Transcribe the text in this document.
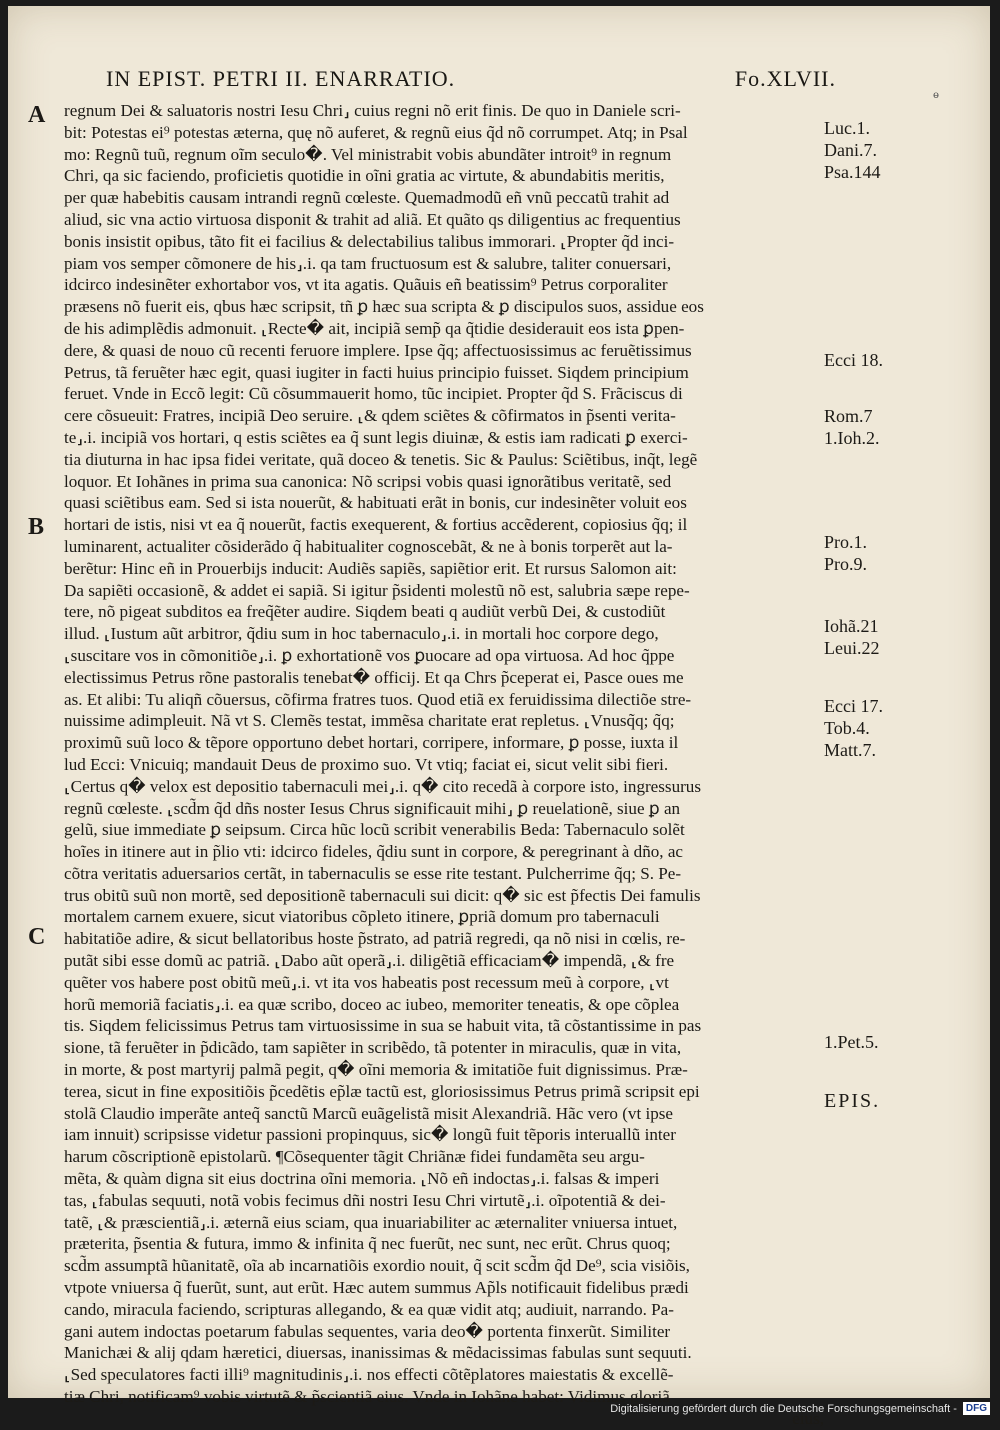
IN EPIST. PETRI II. ENARRATIO.	Fo.XLVII.
ɵ
regnum Dei & saluatoris nostri Iesu Chri⸥ cuius regni nõ erit finis. De quo in Daniele scri-
bit: Potestas ei⁹ potestas æterna, quę nõ auferet, & regnũ eius q̃d nõ corrumpet. Atq; in Psal
mo: Regnũ tuũ, regnum oĩm seculo�. Vel ministrabit vobis abundãter introit⁹ in regnum
Chri, qa sic faciendo, proficietis quotidie in oĩni gratia ac virtute, & abundabitis meritis,
per quæ habebitis causam intrandi regnũ cœleste. Quemadmodũ eñ vnũ peccatũ trahit ad
aliud, sic vna actio virtuosa disponit & trahit ad aliã. Et quãto qs diligentius ac frequentius
bonis insistit opibus, tãto fit ei facilius & delectabilius talibus immorari. ⸤Propter q̃d inci-
piam vos semper cõmonere de his⸥.i. qa tam fructuosum est & salubre, taliter conuersari,
idcirco indesinẽter exhortabor vos, vt ita agatis. Quãuis eñ beatissim⁹ Petrus corporaliter
præsens nõ fuerit eis, qbus hæc scripsit, tñ ꝑ hæc sua scripta & ꝑ discipulos suos, assidue eos
de his adimplẽdis admonuit. ⸤Recte� ait, incipiã semp̃ qa q̃tidie desiderauit eos ista ꝑpen-
dere, & quasi de nouo cũ recenti feruore implere. Ipse q̃q; affectuosissimus ac feruẽtissimus
Petrus, tã feruẽter hæc egit, quasi iugiter in facti huius principio fuisset. Siqdem principium
feruet. Vnde in Eccõ legit: Cũ cõsummauerit homo, tũc incipiet. Propter q̃d S. Frãciscus di
cere cõsueuit: Fratres, incipiã Deo seruire. ⸤& qdem sciẽtes & cõfirmatos in p̃senti verita-
te⸥.i. incipiã vos hortari, q estis sciẽtes ea q̃ sunt legis diuinæ, & estis iam radicati ꝑ exerci-
tia diuturna in hac ipsa fidei veritate, quã doceo & tenetis. Sic & Paulus: Sciẽtibus, inq̃t, legẽ
loquor. Et Iohãnes in prima sua canonica: Nõ scripsi vobis quasi ignorãtibus veritatẽ, sed
quasi sciẽtibus eam. Sed si ista nouerũt, & habituati erãt in bonis, cur indesinẽter voluit eos
hortari de istis, nisi vt ea q̃ nouerũt, factis exequerent, & fortius accẽderent, copiosius q̃q; il
luminarent, actualiter cõsiderãdo q̃ habitualiter cognoscebãt, & ne à bonis torperẽt aut la-
berẽtur: Hinc eñ in Prouerbijs inducit: Audiẽs sapiẽs, sapiẽtior erit. Et rursus Salomon ait:
Da sapiẽti occasionẽ, & addet ei sapiã. Si igitur p̃sidenti molestũ nõ est, salubria sæpe repe-
tere, nõ pigeat subditos ea freq̃ẽter audire. Siqdem beati q audiũt verbũ Dei, & custodiũt
illud. ⸤Iustum aũt arbitror, q̃diu sum in hoc tabernaculo⸥.i. in mortali hoc corpore dego,
⸤suscitare vos in cõmonitiõe⸥.i. ꝑ exhortationẽ vos ꝑuocare ad opa virtuosa. Ad hoc q̃ppe
electissimus Petrus rõne pastoralis tenebat� officij. Et qa Chrs p̃ceperat ei, Pasce oues me
as. Et alibi: Tu aliqñ cõuersus, cõfirma fratres tuos. Quod etiã ex feruidissima dilectiõe stre-
nuissime adimpleuit. Nã vt S. Clemẽs testat, immẽsa charitate erat repletus. ⸤Vnusq̃q; q̃q;
proximũ suũ loco & tẽpore opportuno debet hortari, corripere, informare, ꝑ posse, iuxta il
lud Ecci: Vnicuiq; mandauit Deus de proximo suo. Vt vtiq; faciat ei, sicut velit sibi fieri.
⸤Certus q� velox est depositio tabernaculi mei⸥.i. q� cito recedã à corpore isto, ingressurus
regnũ cœleste. ⸤scd̃m q̃d dñs noster Iesus Chrus significauit mihi⸥ ꝑ reuelationẽ, siue ꝑ an
gelũ, siue immediate ꝑ seipsum. Circa hũc locũ scribit venerabilis Beda: Tabernaculo solẽt
hoĩes in itinere aut in p̃lio vti: idcirco fideles, q̃diu sunt in corpore, & peregrinant à dño, ac
cõtra veritatis aduersarios certãt, in tabernaculis se esse rite testant. Pulcherrime q̃q; S. Pe-
trus obitũ suũ non mortẽ, sed depositionẽ tabernaculi sui dicit: q� sic est p̃fectis Dei famulis
mortalem carnem exuere, sicut viatoribus cõpleto itinere, ꝑpriã domum pro tabernaculi
habitatiõe adire, & sicut bellatoribus hoste p̃strato, ad patriã regredi, qa nõ nisi in cœlis, re-
putãt sibi esse domũ ac patriã. ⸤Dabo aũt operã⸥.i. diligẽtiã efficaciam� impendã, ⸤& fre
quẽter vos habere post obitũ meũ⸥.i. vt ita vos habeatis post recessum meũ à corpore, ⸤vt
horũ memoriã faciatis⸥.i. ea quæ scribo, doceo ac iubeo, memoriter teneatis, & ope cõplea
tis. Siqdem felicissimus Petrus tam virtuosissime in sua se habuit vita, tã cõstantissime in pas
sione, tã feruẽter in p̃dicãdo, tam sapiẽter in scribẽdo, tã potenter in miraculis, quæ in vita,
in morte, & post martyrij palmã pegit, q� oĩni memoria & imitatiõe fuit dignissimus. Præ-
terea, sicut in fine expositiõis p̃cedẽtis ep̃læ tactũ est, gloriosissimus Petrus primã scripsit epi
stolã Claudio imperãte anteq̃ sanctũ Marcũ euãgelistã misit Alexandriã. Hãc vero (vt ipse
iam innuit) scripsisse videtur passioni propinquus, sic� longũ fuit tẽporis interuallũ inter
harum cõscriptionẽ epistolarũ. ¶Cõsequenter tãgit Chriãnæ fidei fundamẽta seu argu-
mẽta, & quàm digna sit eius doctrina oĩni memoria. ⸤Nõ eñ indoctas⸥.i. falsas & imperi
tas, ⸤fabulas sequuti, notã vobis fecimus dñi nostri Iesu Chri virtutẽ⸥.i. oĩpotentiã & dei-
tatẽ, ⸤& præscientiã⸥.i. æternã eius sciam, qua inuariabiliter ac æternaliter vniuersa intuet,
præterita, p̃sentia & futura, immo & infinita q̃ nec fuerũt, nec sunt, nec erũt. Chrus quoq;
scd̃m assumptã hũanitatẽ, oĩa ab incarnatiõis exordio nouit, q̃ scit scd̃m q̃d De⁹, scia visiõis,
vtpote vniuersa q̃ fuerũt, sunt, aut erũt. Hæc autem summus Ap̃ls notificauit fidelibus prædi
cando, miracula faciendo, scripturas allegando, & ea quæ vidit atq; audiuit, narrando. Pa-
gani autem indoctas poetarum fabulas sequentes, varia deo� portenta finxerũt. Similiter
Manichæi & alij qdam hæretici, diuersas, inanissimas & mẽdacissimas fabulas sunt sequuti.
⸤Sed speculatores facti illi⁹ magnitudinis⸥.i. nos effecti cõtẽplatores maiestatis & excellẽ-
tiæ Chri, notificam⁹ vobis virtutẽ & p̃scientiã eius. Vnde in Iohãne habet: Vidimus gloriã
eius,
A
B
C
Luc.1.
Dani.7.
Psa.144
Ecci 18.
Rom.7
1.Ioh.2.
Pro.1.
Pro.9.
Iohã.21
Leui.22
Ecci 17.
Tob.4.
Matt.7.
1.Pet.5.
EPIS.
Digitalisierung gefördert durch die Deutsche Forschungsgemeinschaft - DFG
